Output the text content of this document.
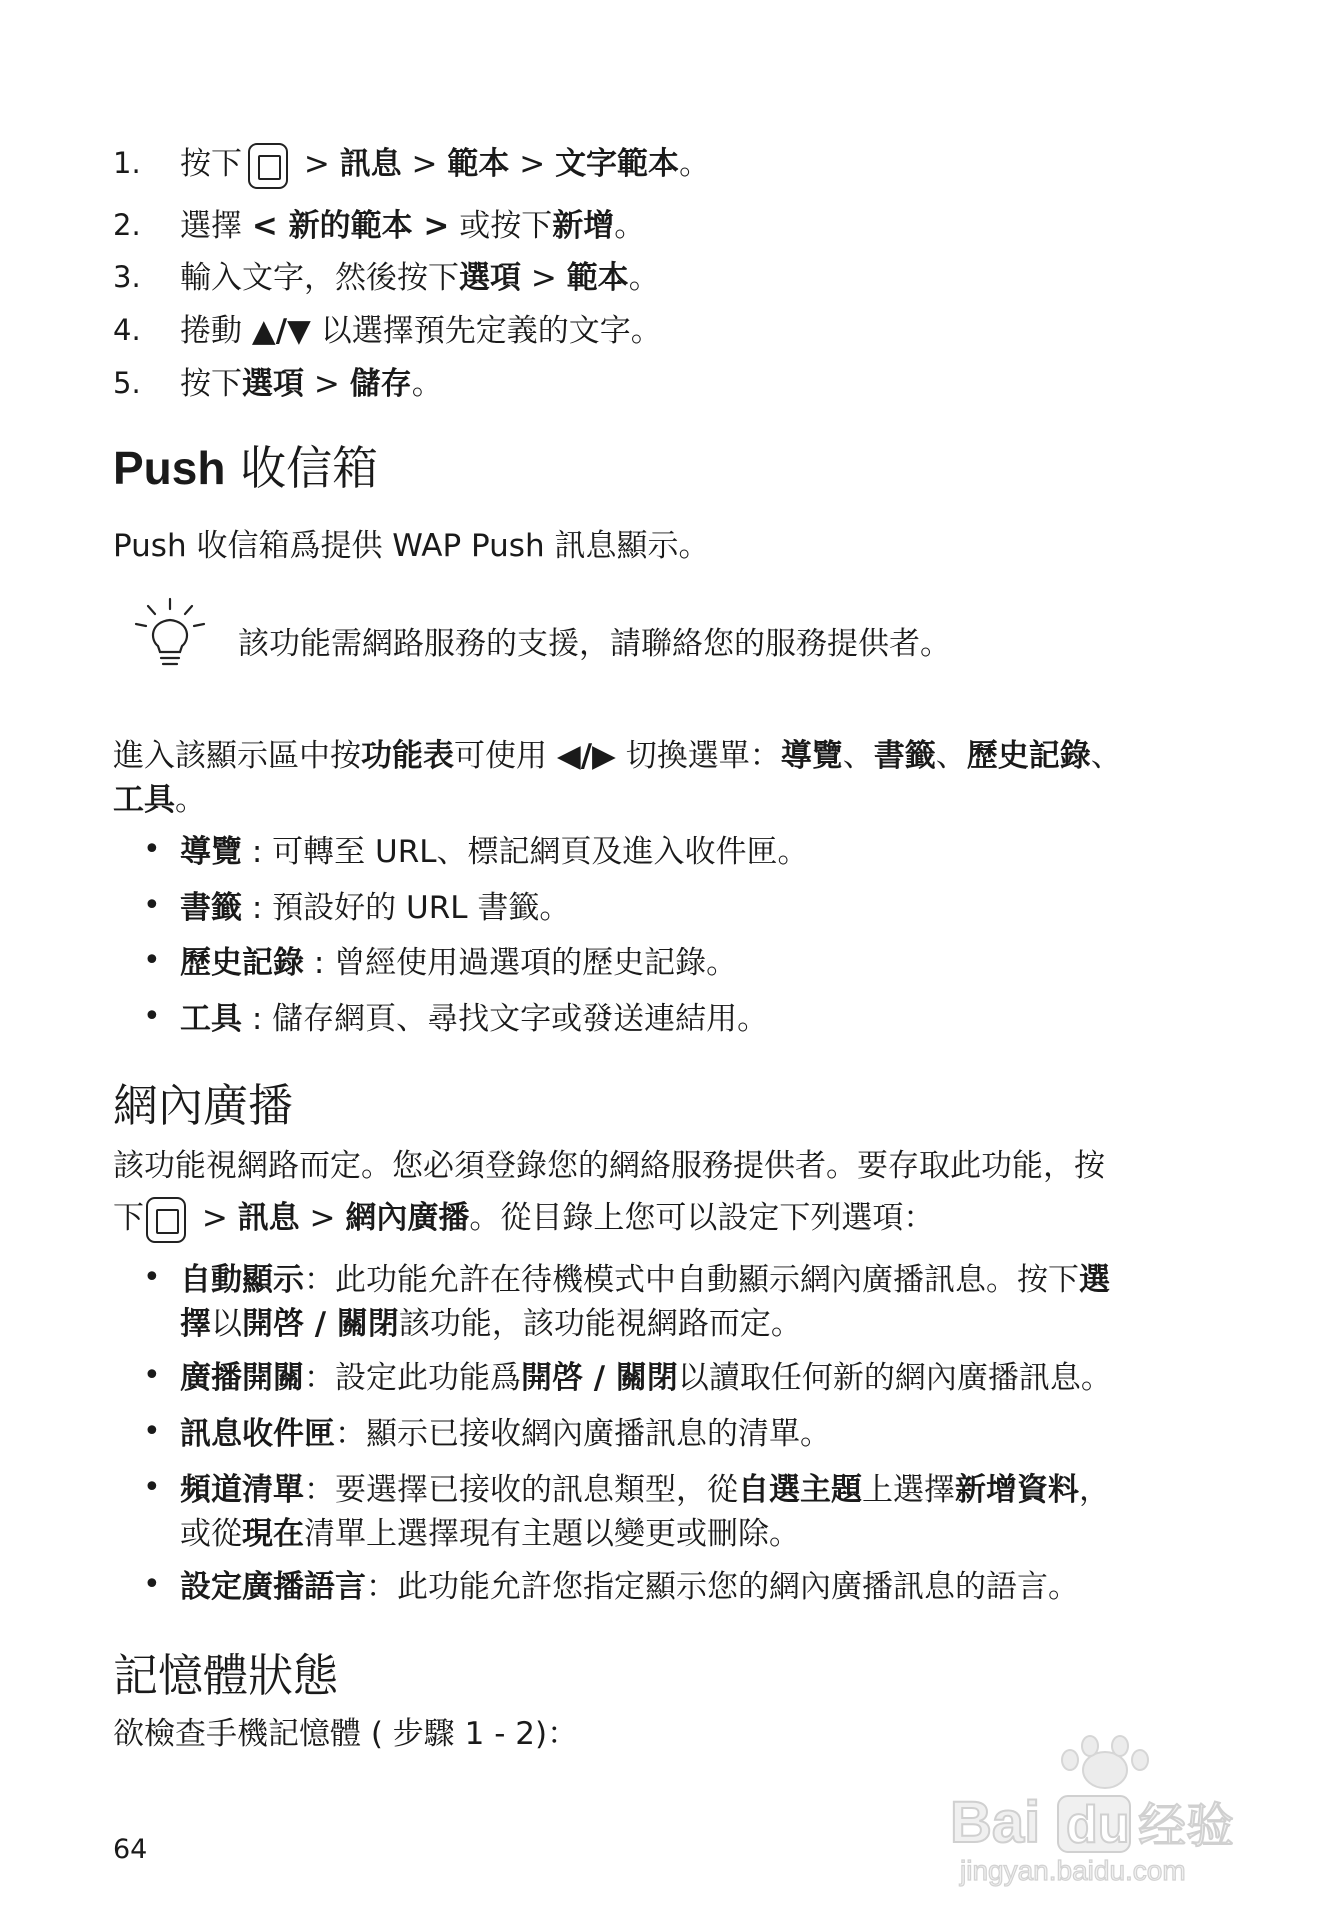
1. 按下 > 訊息 > 範本 > 文字範本。
2. 選擇 < 新的範本 > 或按下新增。
3. 輸入文字，然後按下選項 > 範本。
4. 捲動 ▲/▼ 以選擇預先定義的文字。
5. 按下選項 > 儲存。
Push 收信箱
Push 收信箱爲提供 WAP Push 訊息顯示。
該功能需網路服務的支援，請聯絡您的服務提供者。
進入該顯示區中按功能表可使用 ◀/▶ 切換選單：導覽、書籤、歷史記錄、
工具。
• 導覽 : 可轉至 URL、標記網頁及進入收件匣。
• 書籤 : 預設好的 URL 書籤。
• 歷史記錄 : 曾經使用過選項的歷史記錄。
• 工具 : 儲存網頁、尋找文字或發送連結用。
網內廣播
該功能視網路而定。您必須登錄您的網絡服務提供者。要存取此功能，按
下 > 訊息 > 網內廣播。從目錄上您可以設定下列選項：
• 自動顯示：此功能允許在待機模式中自動顯示網內廣播訊息。按下選
擇以開啓 / 關閉該功能，該功能視網路而定。
• 廣播開關：設定此功能爲開啓 / 關閉以讀取任何新的網內廣播訊息。
• 訊息收件匣：顯示已接收網內廣播訊息的清單。
• 頻道清單：要選擇已接收的訊息類型，從自選主題上選擇新增資料，
或從現在清單上選擇現有主題以變更或刪除。
• 設定廣播語言：此功能允許您指定顯示您的網內廣播訊息的語言。
記憶體狀態
欲檢查手機記憶體 ( 步驟 1 - 2)：
64	Bai du 经验
jingyan.baidu.com
